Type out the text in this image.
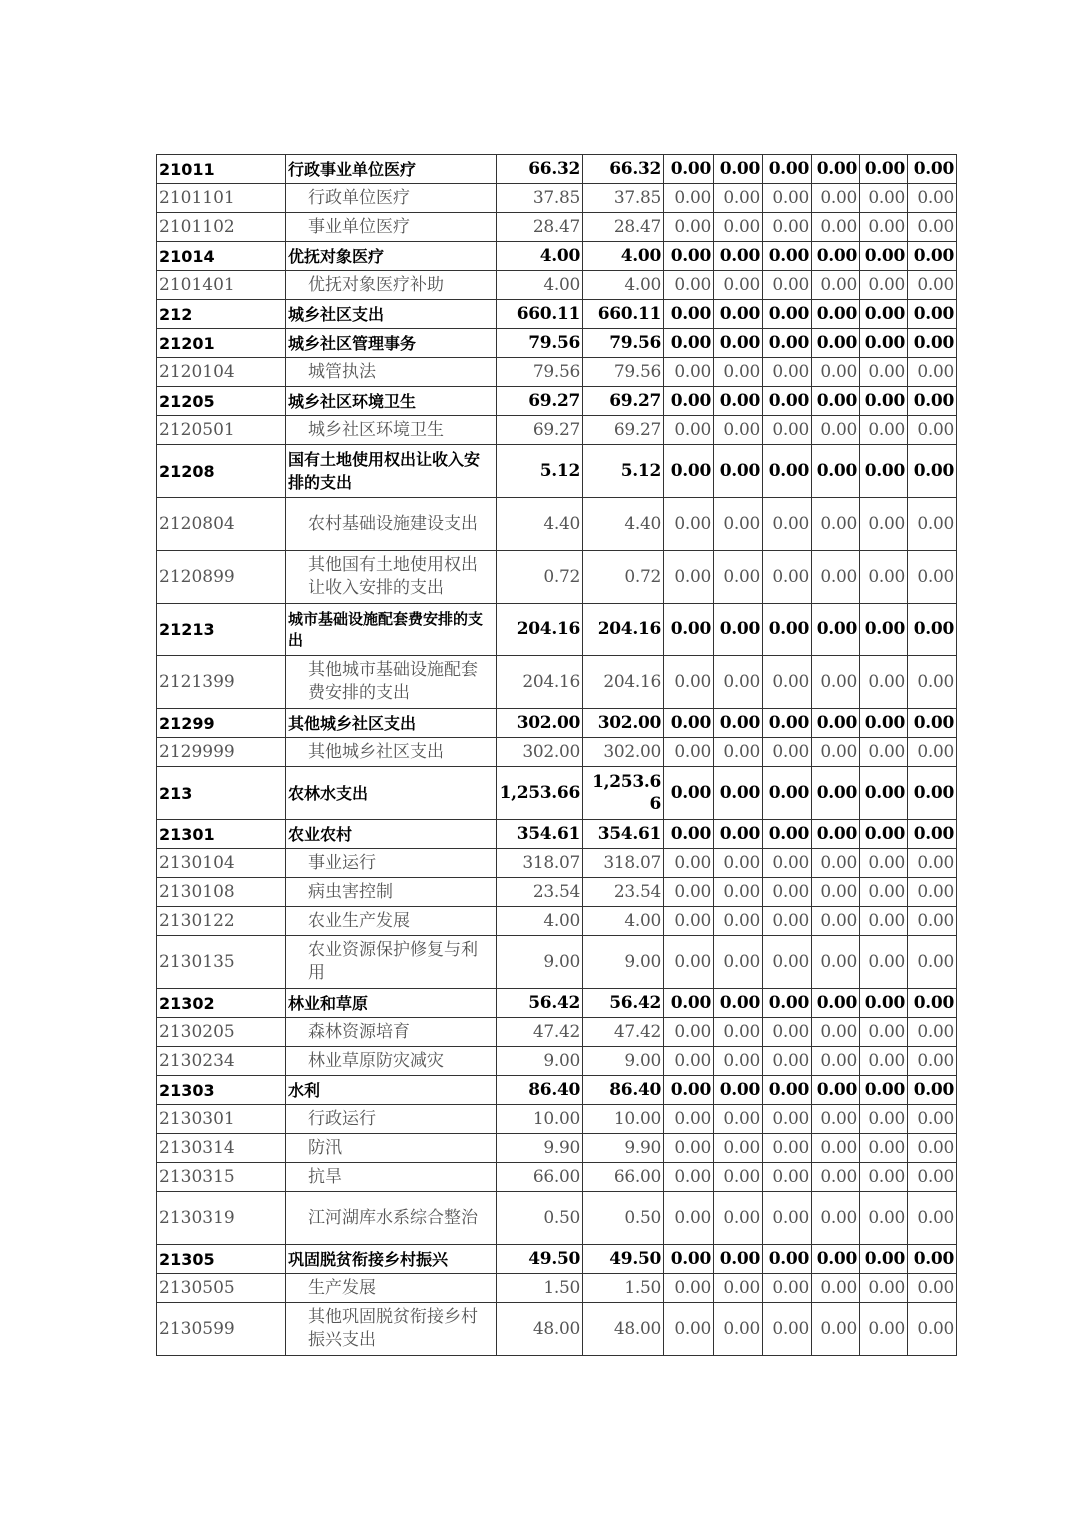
21011	行政事业单位医疗	66.32	66.32	0.00	0.00	0.00	0.00	0.00	0.00
2101101	行政单位医疗	37.85	37.85	0.00	0.00	0.00	0.00	0.00	0.00
2101102	事业单位医疗	28.47	28.47	0.00	0.00	0.00	0.00	0.00	0.00
21014	优抚对象医疗	4.00	4.00	0.00	0.00	0.00	0.00	0.00	0.00
2101401	优抚对象医疗补助	4.00	4.00	0.00	0.00	0.00	0.00	0.00	0.00
212	城乡社区支出	660.11	660.11	0.00	0.00	0.00	0.00	0.00	0.00
21201	城乡社区管理事务	79.56	79.56	0.00	0.00	0.00	0.00	0.00	0.00
2120104	城管执法	79.56	79.56	0.00	0.00	0.00	0.00	0.00	0.00
21205	城乡社区环境卫生	69.27	69.27	0.00	0.00	0.00	0.00	0.00	0.00
2120501	城乡社区环境卫生	69.27	69.27	0.00	0.00	0.00	0.00	0.00	0.00
21208	国有土地使用权出让收入安排的支出	5.12	5.12	0.00	0.00	0.00	0.00	0.00	0.00
2120804	农村基础设施建设支出	4.40	4.40	0.00	0.00	0.00	0.00	0.00	0.00
2120899	其他国有土地使用权出让收入安排的支出	0.72	0.72	0.00	0.00	0.00	0.00	0.00	0.00
21213	城市基础设施配套费安排的支出	204.16	204.16	0.00	0.00	0.00	0.00	0.00	0.00
2121399	其他城市基础设施配套费安排的支出	204.16	204.16	0.00	0.00	0.00	0.00	0.00	0.00
21299	其他城乡社区支出	302.00	302.00	0.00	0.00	0.00	0.00	0.00	0.00
2129999	其他城乡社区支出	302.00	302.00	0.00	0.00	0.00	0.00	0.00	0.00
213	农林水支出	1,253.66	1,253.66	0.00	0.00	0.00	0.00	0.00	0.00
21301	农业农村	354.61	354.61	0.00	0.00	0.00	0.00	0.00	0.00
2130104	事业运行	318.07	318.07	0.00	0.00	0.00	0.00	0.00	0.00
2130108	病虫害控制	23.54	23.54	0.00	0.00	0.00	0.00	0.00	0.00
2130122	农业生产发展	4.00	4.00	0.00	0.00	0.00	0.00	0.00	0.00
2130135	农业资源保护修复与利用	9.00	9.00	0.00	0.00	0.00	0.00	0.00	0.00
21302	林业和草原	56.42	56.42	0.00	0.00	0.00	0.00	0.00	0.00
2130205	森林资源培育	47.42	47.42	0.00	0.00	0.00	0.00	0.00	0.00
2130234	林业草原防灾减灾	9.00	9.00	0.00	0.00	0.00	0.00	0.00	0.00
21303	水利	86.40	86.40	0.00	0.00	0.00	0.00	0.00	0.00
2130301	行政运行	10.00	10.00	0.00	0.00	0.00	0.00	0.00	0.00
2130314	防汛	9.90	9.90	0.00	0.00	0.00	0.00	0.00	0.00
2130315	抗旱	66.00	66.00	0.00	0.00	0.00	0.00	0.00	0.00
2130319	江河湖库水系综合整治	0.50	0.50	0.00	0.00	0.00	0.00	0.00	0.00
21305	巩固脱贫衔接乡村振兴	49.50	49.50	0.00	0.00	0.00	0.00	0.00	0.00
2130505	生产发展	1.50	1.50	0.00	0.00	0.00	0.00	0.00	0.00
2130599	其他巩固脱贫衔接乡村振兴支出	48.00	48.00	0.00	0.00	0.00	0.00	0.00	0.00
